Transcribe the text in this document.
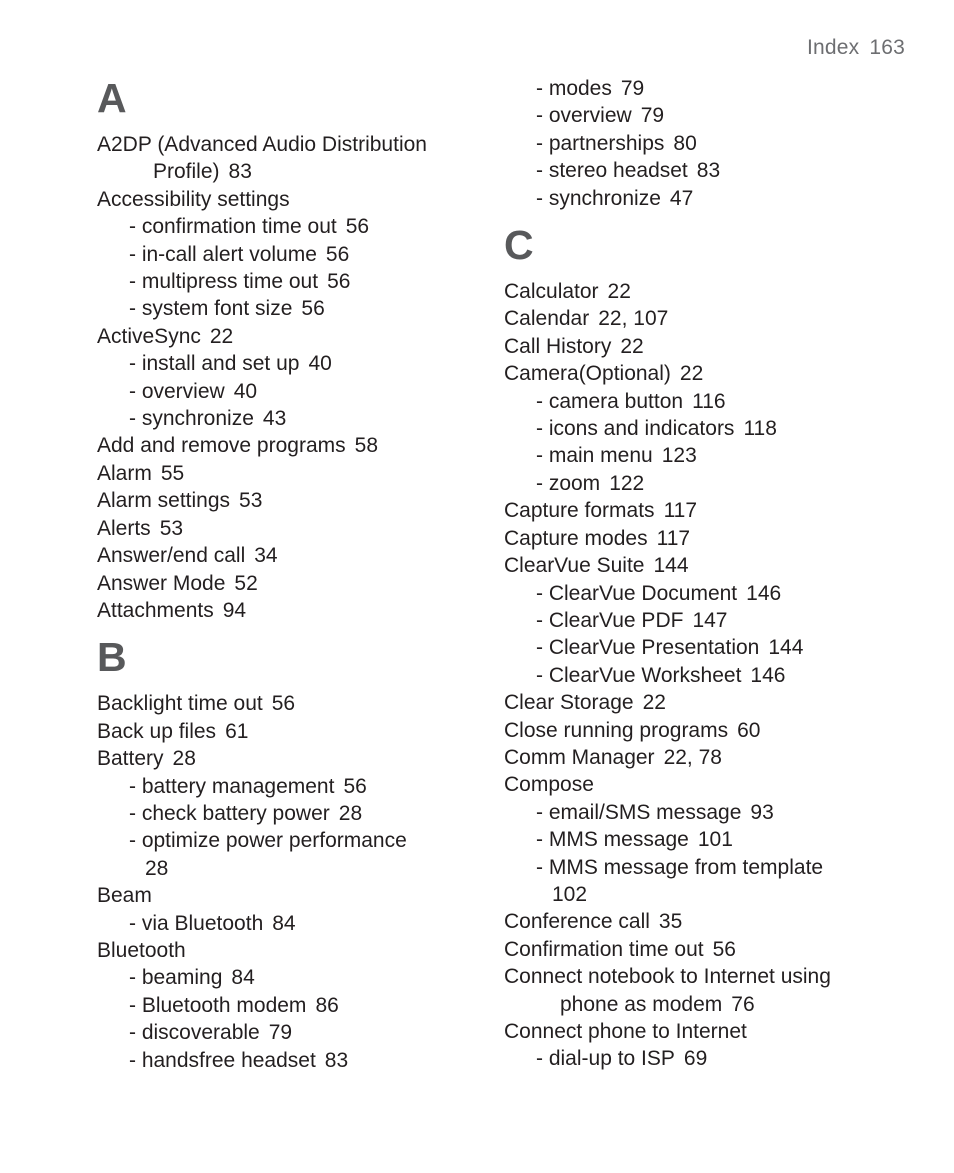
Index 163
A
A2DP (Advanced Audio Distribution
Profile) 83
Accessibility settings
- confirmation time out 56
- in-call alert volume 56
- multipress time out 56
- system font size 56
ActiveSync 22
- install and set up 40
- overview 40
- synchronize 43
Add and remove programs 58
Alarm 55
Alarm settings 53
Alerts 53
Answer/end call 34
Answer Mode 52
Attachments 94
B
Backlight time out 56
Back up files 61
Battery 28
- battery management 56
- check battery power 28
- optimize power performance
28
Beam
- via Bluetooth 84
Bluetooth
- beaming 84
- Bluetooth modem 86
- discoverable 79
- handsfree headset 83
- modes 79
- overview 79
- partnerships 80
- stereo headset 83
- synchronize 47
C
Calculator 22
Calendar 22, 107
Call History 22
Camera(Optional) 22
- camera button 116
- icons and indicators 118
- main menu 123
- zoom 122
Capture formats 117
Capture modes 117
ClearVue Suite 144
- ClearVue Document 146
- ClearVue PDF 147
- ClearVue Presentation 144
- ClearVue Worksheet 146
Clear Storage 22
Close running programs 60
Comm Manager 22, 78
Compose
- email/SMS message 93
- MMS message 101
- MMS message from template
102
Conference call 35
Confirmation time out 56
Connect notebook to Internet using
phone as modem 76
Connect phone to Internet
- dial-up to ISP 69
